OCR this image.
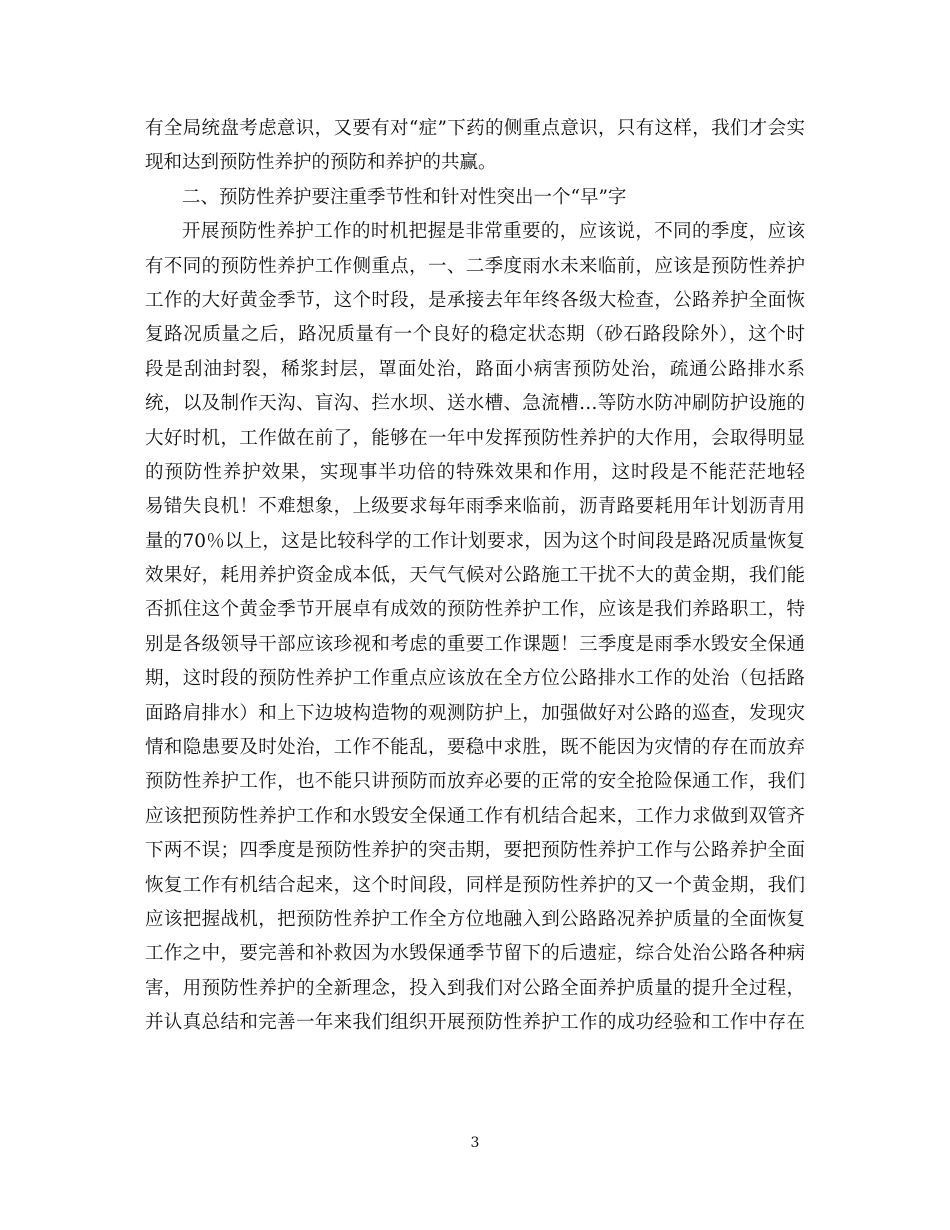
有全局统盘考虑意识，又要有对“症”下药的侧重点意识，只有这样，我们才会实
现和达到预防性养护的预防和养护的共赢。
二、预防性养护要注重季节性和针对性突出一个“早”字
开展预防性养护工作的时机把握是非常重要的，应该说，不同的季度，应该
有不同的预防性养护工作侧重点，一、二季度雨水未来临前，应该是预防性养护
工作的大好黄金季节，这个时段，是承接去年年终各级大检查，公路养护全面恢
复路况质量之后，路况质量有一个良好的稳定状态期（砂石路段除外），这个时
段是刮油封裂，稀浆封层，罩面处治，路面小病害预防处治，疏通公路排水系
统，以及制作天沟、盲沟、拦水坝、送水槽、急流槽…等防水防冲刷防护设施的
大好时机，工作做在前了，能够在一年中发挥预防性养护的大作用，会取得明显
的预防性养护效果，实现事半功倍的特殊效果和作用，这时段是不能茫茫地轻
易错失良机！不难想象，上级要求每年雨季来临前，沥青路要耗用年计划沥青用
量的70％以上，这是比较科学的工作计划要求，因为这个时间段是路况质量恢复
效果好，耗用养护资金成本低，天气气候对公路施工干扰不大的黄金期，我们能
否抓住这个黄金季节开展卓有成效的预防性养护工作，应该是我们养路职工，特
别是各级领导干部应该珍视和考虑的重要工作课题！三季度是雨季水毁安全保通
期，这时段的预防性养护工作重点应该放在全方位公路排水工作的处治（包括路
面路肩排水）和上下边坡构造物的观测防护上，加强做好对公路的巡查，发现灾
情和隐患要及时处治，工作不能乱，要稳中求胜，既不能因为灾情的存在而放弃
预防性养护工作，也不能只讲预防而放弃必要的正常的安全抢险保通工作，我们
应该把预防性养护工作和水毁安全保通工作有机结合起来，工作力求做到双管齐
下两不误；四季度是预防性养护的突击期，要把预防性养护工作与公路养护全面
恢复工作有机结合起来，这个时间段，同样是预防性养护的又一个黄金期，我们
应该把握战机，把预防性养护工作全方位地融入到公路路况养护质量的全面恢复
工作之中，要完善和补救因为水毁保通季节留下的后遗症，综合处治公路各种病
害，用预防性养护的全新理念，投入到我们对公路全面养护质量的提升全过程，
并认真总结和完善一年来我们组织开展预防性养护工作的成功经验和工作中存在
3
